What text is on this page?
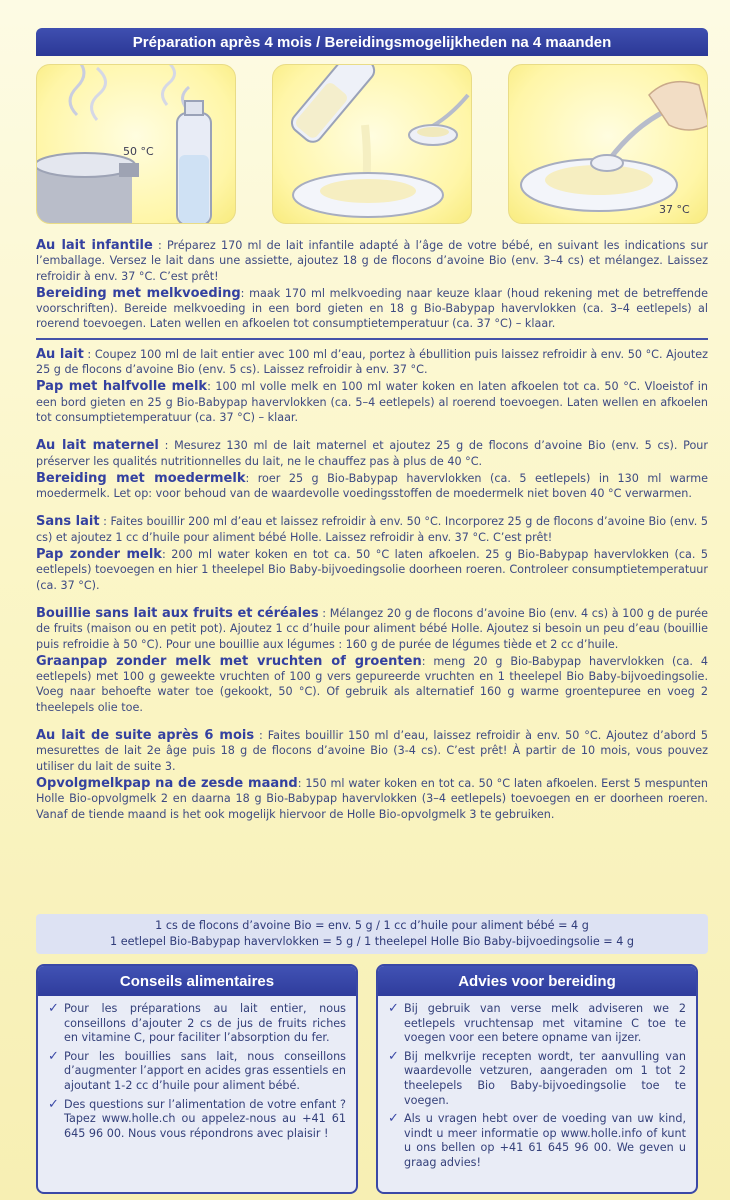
Préparation après 4 mois / Bereidingsmogelijkheden na 4 maanden
50 °C
37 °C

Au lait infantile : Préparez 170 ml de lait infantile adapté à l’âge de votre bébé, en suivant les indications sur l’emballage. Versez le lait dans une assiette, ajoutez 18 g de flocons d’avoine Bio (env. 3–4 cs) et mélangez. Laissez refroidir à env. 37 °C. C’est prêt!

Bereiding met melkvoeding: maak 170 ml melkvoeding naar keuze klaar (houd rekening met de betreffende voorschriften). Bereide melkvoeding in een bord gieten en 18 g Bio-Babypap havervlokken (ca. 3–4 eetlepels) al roerend toevoegen. Laten wellen en afkoelen tot consumptietemperatuur (ca. 37 °C) – klaar.

Au lait : Coupez 100 ml de lait entier avec 100 ml d’eau, portez à ébullition puis laissez refroidir à env. 50 °C. Ajoutez 25 g de flocons d’avoine Bio (env. 5 cs). Laissez refroidir à env. 37 °C.

Pap met halfvolle melk: 100 ml volle melk en 100 ml water koken en laten afkoelen tot ca. 50 °C. Vloeistof in een bord gieten en 25 g Bio-Babypap havervlokken (ca. 5–4 eetlepels) al roerend toevoegen. Laten wellen en afkoelen tot consumptietemperatuur (ca. 37 °C) – klaar.

Au lait maternel : Mesurez 130 ml de lait maternel et ajoutez 25 g de flocons d’avoine Bio (env. 5 cs). Pour préserver les qualités nutritionnelles du lait, ne le chauffez pas à plus de 40 °C.

Bereiding met moedermelk: roer 25 g Bio-Babypap havervlokken (ca. 5 eetlepels) in 130 ml warme moedermelk. Let op: voor behoud van de waardevolle voedingsstoffen de moedermelk niet boven 40 °C verwarmen.

Sans lait : Faites bouillir 200 ml d’eau et laissez refroidir à env. 50 °C. Incorporez 25 g de flocons d’avoine Bio (env. 5 cs) et ajoutez 1 cc d’huile pour aliment bébé Holle. Laissez refroidir à env. 37 °C. C’est prêt!

Pap zonder melk: 200 ml water koken en tot ca. 50 °C laten afkoelen. 25 g Bio-Babypap havervlokken (ca. 5 eetlepels) toevoegen en hier 1 theelepel Bio Baby-bijvoedingsolie doorheen roeren. Controleer consumptietemperatuur (ca. 37 °C).

Bouillie sans lait aux fruits et céréales : Mélangez 20 g de flocons d’avoine Bio (env. 4 cs) à 100 g de purée de fruits (maison ou en petit pot). Ajoutez 1 cc d’huile pour aliment bébé Holle. Ajoutez si besoin un peu d’eau (bouillie puis refroidie à 50 °C). Pour une bouillie aux légumes : 160 g de purée de légumes tiède et 2 cc d’huile.

Graanpap zonder melk met vruchten of groenten: meng 20 g Bio-Babypap havervlokken (ca. 4 eetlepels) met 100 g geweekte vruchten of 100 g vers gepureerde vruchten en 1 theelepel Bio Baby-bijvoedingsolie. Voeg naar behoefte water toe (gekookt, 50 °C). Of gebruik als alternatief 160 g warme groentepuree en voeg 2 theelepels olie toe.

Au lait de suite après 6 mois : Faites bouillir 150 ml d’eau, laissez refroidir à env. 50 °C. Ajoutez d’abord 5 mesurettes de lait 2e âge puis 18 g de flocons d’avoine Bio (3-4 cs). C’est prêt! À partir de 10 mois, vous pouvez utiliser du lait de suite 3.

Opvolgmelkpap na de zesde maand: 150 ml water koken en tot ca. 50 °C laten afkoelen. Eerst 5 mespunten Holle Bio-opvolgmelk 2 en daarna 18 g Bio-Babypap havervlokken (3–4 eetlepels) toevoegen en er doorheen roeren. Vanaf de tiende maand is het ook mogelijk hiervoor de Holle Bio-opvolgmelk 3 te gebruiken.

1 cs de flocons d’avoine Bio = env. 5 g / 1 cc d’huile pour aliment bébé = 4 g
1 eetlepel Bio-Babypap havervlokken = 5 g / 1 theelepel Holle Bio Baby-bijvoedingsolie = 4 g
Conseils alimentaires
✓ Pour les préparations au lait entier, nous conseillons d’ajouter 2 cs de jus de fruits riches en vitamine C, pour faciliter l’absorption du fer.
✓ Pour les bouillies sans lait, nous conseillons d’augmenter l’apport en acides gras essentiels en ajoutant 1-2 cc d’huile pour aliment bébé.
✓ Des questions sur l’alimentation de votre enfant ? Tapez www.holle.ch ou appelez-nous au +41 61 645 96 00. Nous vous répondrons avec plaisir !
Advies voor bereiding
✓ Bij gebruik van verse melk adviseren we 2 eetlepels vruchtensap met vitamine C toe te voegen voor een betere opname van ijzer.
✓ Bij melkvrije recepten wordt, ter aanvulling van waardevolle vetzuren, aangeraden om 1 tot 2 theelepels Bio Baby-bijvoedingsolie toe te voegen.
✓ Als u vragen hebt over de voeding van uw kind, vindt u meer informatie op www.holle.info of kunt u ons bellen op +41 61 645 96 00. We geven u graag advies!
